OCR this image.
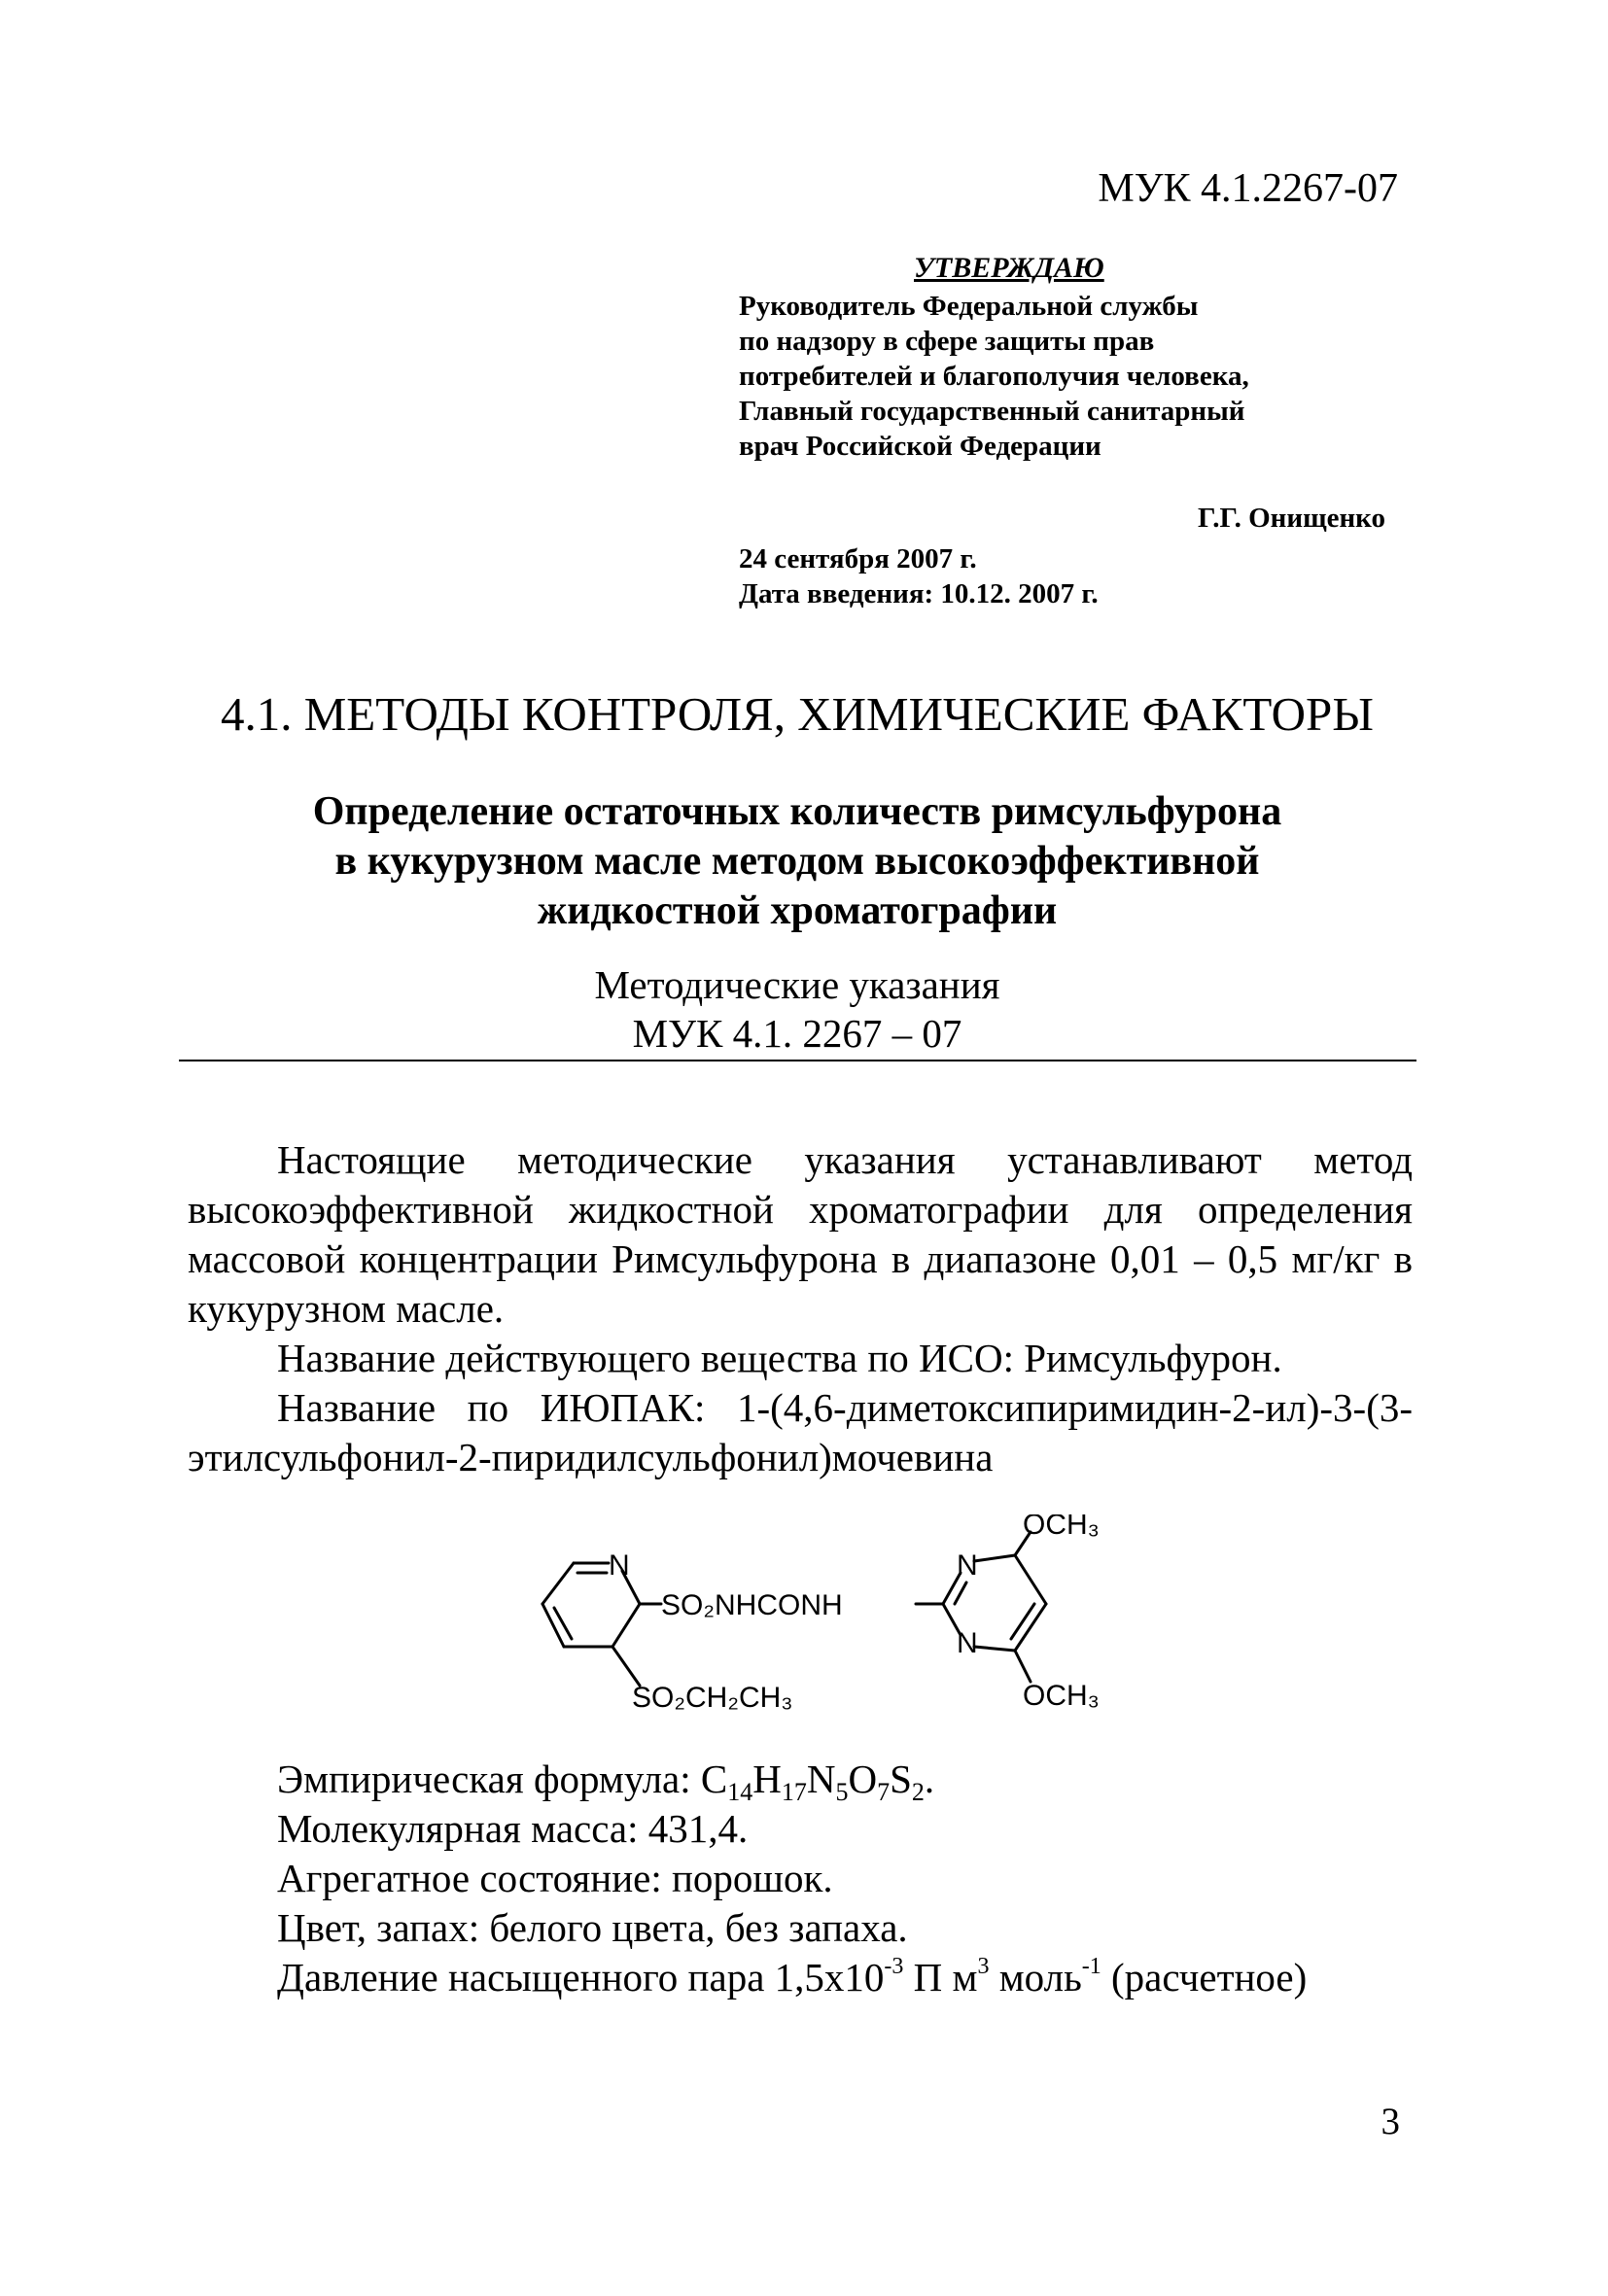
МУК 4.1.2267-07
УТВЕРЖДАЮ
Руководитель Федеральной службы
по надзору в сфере защиты прав
потребителей и благополучия человека,
Главный государственный санитарный
врач Российской Федерации
Г.Г. Онищенко
24 сентября 2007 г.
Дата введения: 10.12. 2007 г.
4.1. МЕТОДЫ КОНТРОЛЯ, ХИМИЧЕСКИЕ ФАКТОРЫ
Определение остаточных количеств римсульфурона
в кукурузном масле методом высокоэффективной
жидкостной хроматографии
Методические указания
МУК 4.1. 2267 – 07

Настоящие методические указания устанавливают метод высокоэффективной жидкостной хроматографии для определения массовой концентрации Римсульфурона в диапазоне 0,01 – 0,5 мг/кг в кукурузном масле.

Название действующего вещества по ИСО: Римсульфурон.

Название по ИЮПАК: 1-(4,6-диметоксипиримидин-2-ил)-3-(3-этилсульфонил-2-пиридилсульфонил)мочевина

N
SO₂NHCONH
N
N
OCH₃
OCH₃
SO₂CH₂CH₃
Эмпирическая формула: $C_{14}H_{17}N_5O_7S_2$.
Молекулярная масса: 431,4.
Агрегатное состояние: порошок.
Цвет, запах: белого цвета, без запаха.
Давление насыщенного пара $1,5х10^{-3}$ П $м^3$ моль$^{-1}$ (расчетное)
3
